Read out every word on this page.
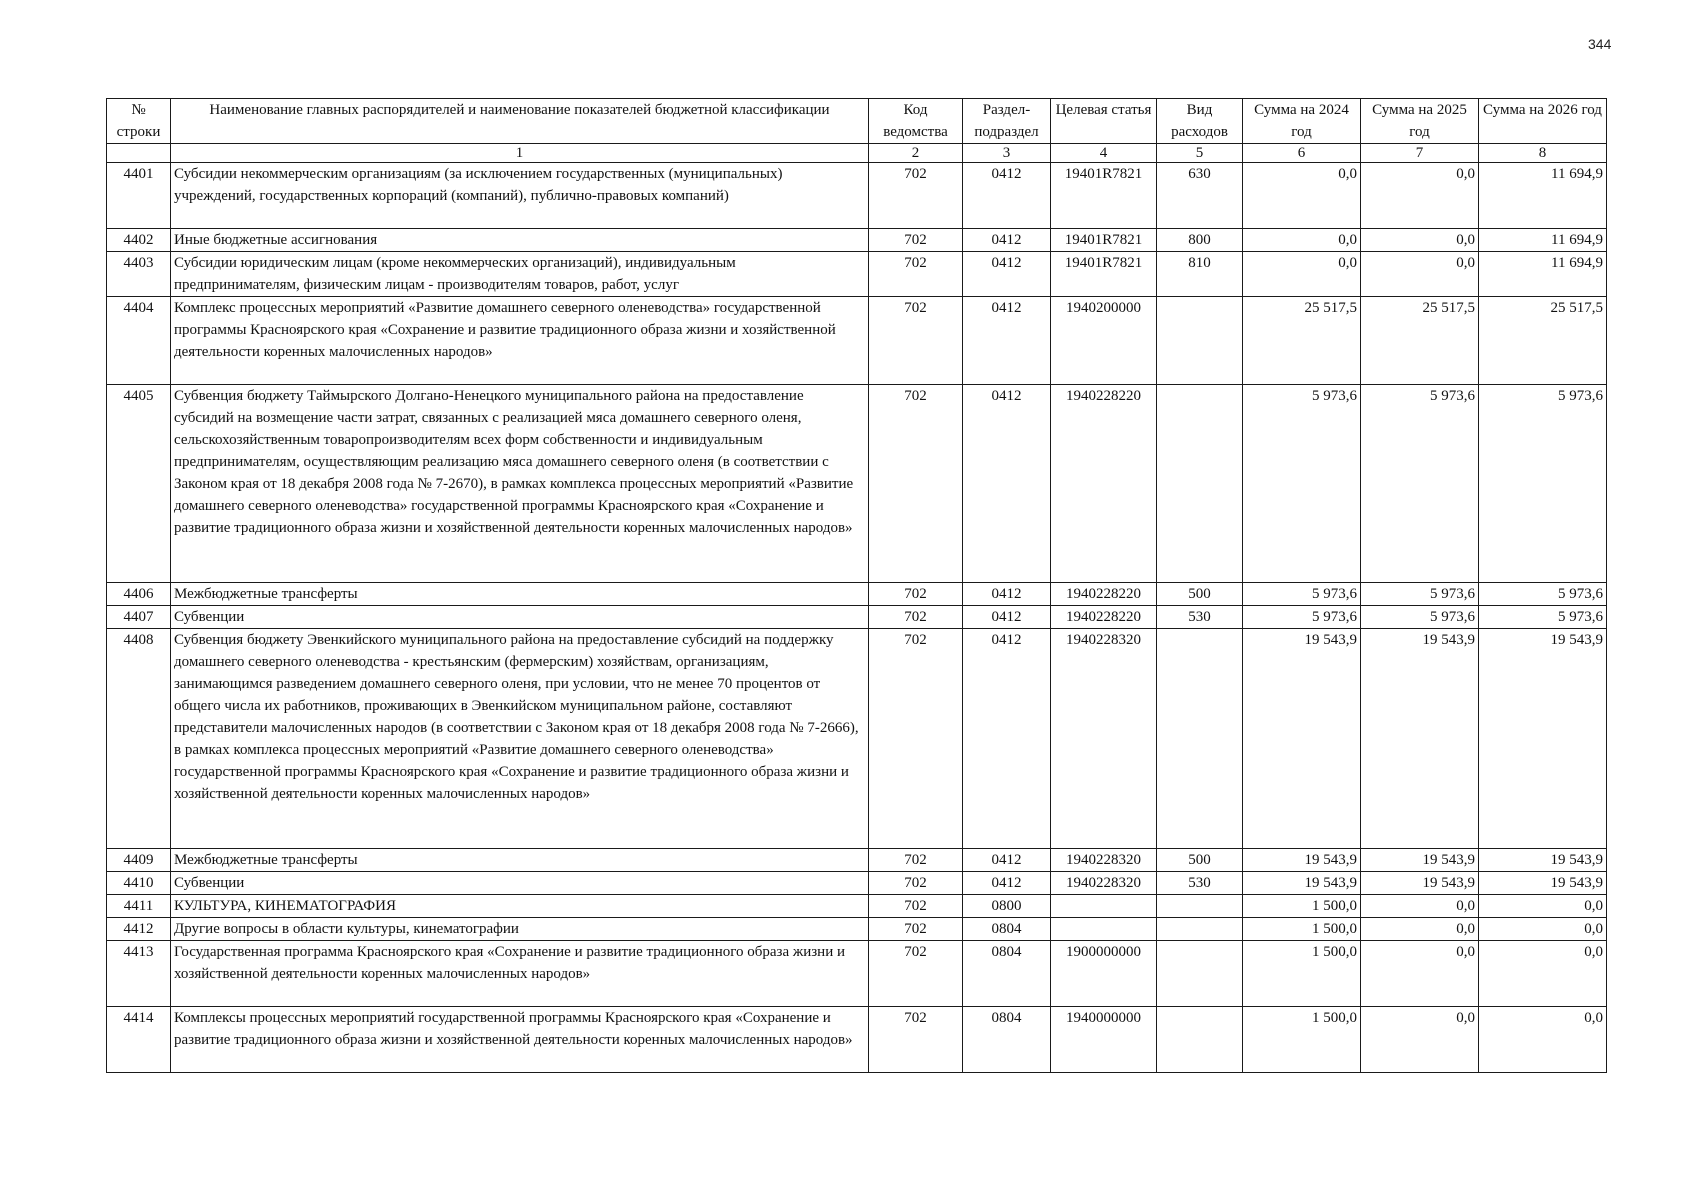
344
№ строки	Наименование главных распорядителей и наименование показателей бюджетной классификации	Код ведомства	Раздел-подраздел	Целевая статья	Вид расходов	Сумма на 2024 год	Сумма на 2025 год	Сумма на 2026 год
	1	2	3	4	5	6	7	8
4401	Субсидии некоммерческим организациям (за исключением государственных (муниципальных) учреждений, государственных корпораций (компаний), публично-правовых компаний)	702	0412	19401R7821	630	0,0	0,0	11 694,9
4402	Иные бюджетные ассигнования	702	0412	19401R7821	800	0,0	0,0	11 694,9
4403	Субсидии юридическим лицам (кроме некоммерческих организаций), индивидуальным предпринимателям, физическим лицам - производителям товаров, работ, услуг	702	0412	19401R7821	810	0,0	0,0	11 694,9
4404	Комплекс процессных мероприятий «Развитие домашнего северного оленеводства» государственной программы Красноярского края «Сохранение и развитие традиционного образа жизни и хозяйственной деятельности коренных малочисленных народов»	702	0412	1940200000		25 517,5	25 517,5	25 517,5
4405	Субвенция бюджету Таймырского Долгано-Ненецкого муниципального района на предоставление субсидий на возмещение части затрат, связанных с реализацией мяса домашнего северного оленя, сельскохозяйственным товаропроизводителям всех форм собственности и индивидуальным предпринимателям, осуществляющим реализацию мяса домашнего северного оленя (в соответствии с Законом края от 18 декабря 2008 года № 7-2670), в рамках комплекса процессных мероприятий «Развитие домашнего северного оленеводства» государственной программы Красноярского края «Сохранение и развитие традиционного образа жизни и хозяйственной деятельности коренных малочисленных народов»	702	0412	1940228220		5 973,6	5 973,6	5 973,6
4406	Межбюджетные трансферты	702	0412	1940228220	500	5 973,6	5 973,6	5 973,6
4407	Субвенции	702	0412	1940228220	530	5 973,6	5 973,6	5 973,6
4408	Субвенция бюджету Эвенкийского муниципального района на предоставление субсидий на поддержку домашнего северного оленеводства - крестьянским (фермерским) хозяйствам, организациям, занимающимся разведением домашнего северного оленя, при условии, что не менее 70 процентов от общего числа их работников, проживающих в Эвенкийском муниципальном районе, составляют представители малочисленных народов (в соответствии с Законом края от 18 декабря 2008 года № 7-2666), в рамках комплекса процессных мероприятий «Развитие домашнего северного оленеводства» государственной программы Красноярского края «Сохранение и развитие традиционного образа жизни и хозяйственной деятельности коренных малочисленных народов»	702	0412	1940228320		19 543,9	19 543,9	19 543,9
4409	Межбюджетные трансферты	702	0412	1940228320	500	19 543,9	19 543,9	19 543,9
4410	Субвенции	702	0412	1940228320	530	19 543,9	19 543,9	19 543,9
4411	КУЛЬТУРА, КИНЕМАТОГРАФИЯ	702	0800			1 500,0	0,0	0,0
4412	Другие вопросы в области культуры, кинематографии	702	0804			1 500,0	0,0	0,0
4413	Государственная программа Красноярского края «Сохранение и развитие традиционного образа жизни и хозяйственной деятельности коренных малочисленных народов»	702	0804	1900000000		1 500,0	0,0	0,0
4414	Комплексы процессных мероприятий государственной программы Красноярского края «Сохранение и развитие традиционного образа жизни и хозяйственной деятельности коренных малочисленных народов»	702	0804	1940000000		1 500,0	0,0	0,0
